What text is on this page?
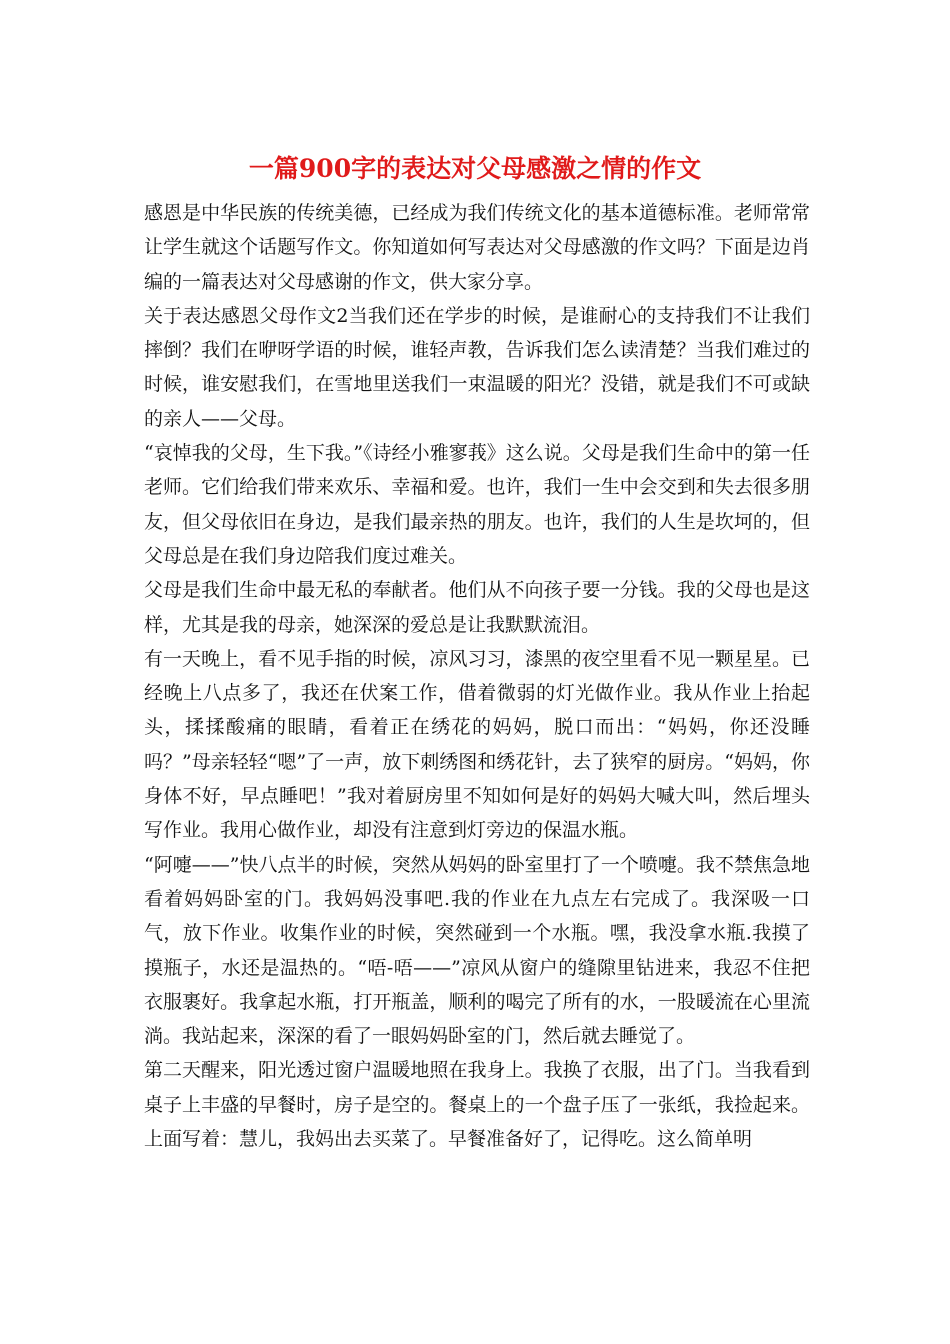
一篇900字的表达对父母感激之情的作文

感恩是中华民族的传统美德，已经成为我们传统文化的基本道德标准。老师常常让学生就这个话题写作文。你知道如何写表达对父母感激的作文吗？下面是边肖编的一篇表达对父母感谢的作文，供大家分享。

关于表达感恩父母作文2当我们还在学步的时候，是谁耐心的支持我们不让我们摔倒？我们在咿呀学语的时候，谁轻声教，告诉我们怎么读清楚？当我们难过的时候，谁安慰我们，在雪地里送我们一束温暖的阳光？没错，就是我们不可或缺的亲人——父母。

“哀悼我的父母，生下我。”《诗经小雅寥莪》这么说。父母是我们生命中的第一任老师。它们给我们带来欢乐、幸福和爱。也许，我们一生中会交到和失去很多朋友，但父母依旧在身边，是我们最亲热的朋友。也许，我们的人生是坎坷的，但父母总是在我们身边陪我们度过难关。

父母是我们生命中最无私的奉献者。他们从不向孩子要一分钱。我的父母也是这样，尤其是我的母亲，她深深的爱总是让我默默流泪。

有一天晚上，看不见手指的时候，凉风习习，漆黑的夜空里看不见一颗星星。已经晚上八点多了，我还在伏案工作，借着微弱的灯光做作业。我从作业上抬起头，揉揉酸痛的眼睛，看着正在绣花的妈妈，脱口而出：“妈妈，你还没睡吗？”母亲轻轻“嗯”了一声，放下刺绣图和绣花针，去了狭窄的厨房。“妈妈，你身体不好，早点睡吧！”我对着厨房里不知如何是好的妈妈大喊大叫，然后埋头写作业。我用心做作业，却没有注意到灯旁边的保温水瓶。

“阿嚏——”快八点半的时候，突然从妈妈的卧室里打了一个喷嚏。我不禁焦急地看着妈妈卧室的门。我妈妈没事吧.我的作业在九点左右完成了。我深吸一口气，放下作业。收集作业的时候，突然碰到一个水瓶。嘿，我没拿水瓶.我摸了摸瓶子，水还是温热的。“唔-唔——”凉风从窗户的缝隙里钻进来，我忍不住把衣服裹好。我拿起水瓶，打开瓶盖，顺利的喝完了所有的水，一股暖流在心里流淌。我站起来，深深的看了一眼妈妈卧室的门，然后就去睡觉了。

第二天醒来，阳光透过窗户温暖地照在我身上。我换了衣服，出了门。当我看到桌子上丰盛的早餐时，房子是空的。餐桌上的一个盘子压了一张纸，我捡起来。上面写着：慧儿，我妈出去买菜了。早餐准备好了，记得吃。这么简单明
